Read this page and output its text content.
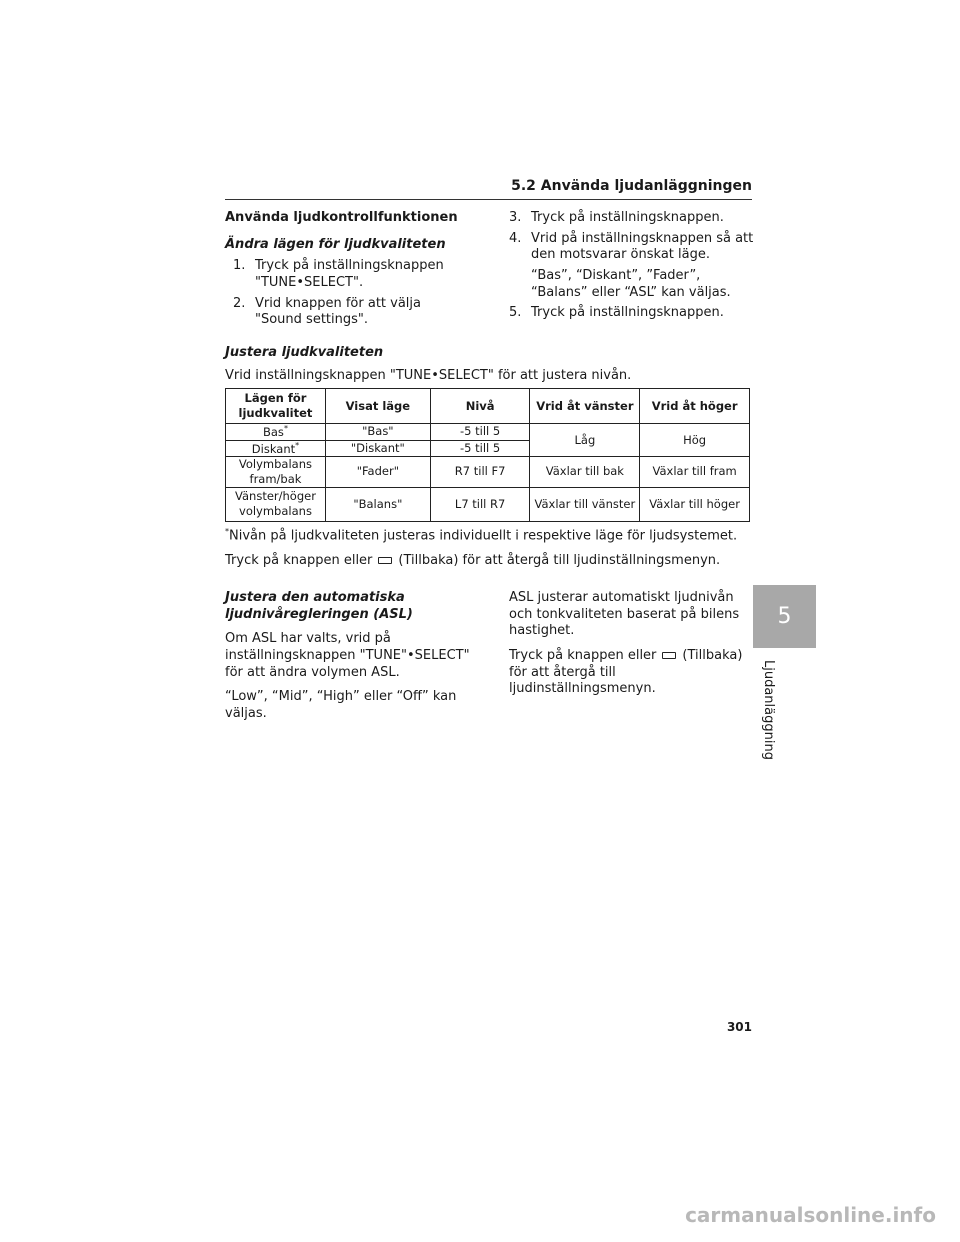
5.2 Använda ljudanläggningen

Använda ljudkontrollfunktionen

Ändra lägen för ljudkvaliteten

1. Tryck på inställningsknappen "TUNE•SELECT".
2. Vrid knappen för att välja "Sound settings".
3. Tryck på inställningsknappen.
4. Vrid på inställningsknappen så att den motsvarar önskat läge.

“Bas”, “Diskant”, ”Fader”, “Balans” eller “ASL” kan väljas.

5. Tryck på inställningsknappen.

Justera ljudkvaliteten

Vrid inställningsknappen "TUNE•SELECT" för att justera nivån.

Lägen för ljudkvalitet	Visat läge	Nivå	Vrid åt vänster	Vrid åt höger
Bas*	"Bas"	-5 till 5	Låg	Hög
Diskant*	"Diskant"	-5 till 5		
Volymbalans fram/bak	"Fader"	R7 till F7	Växlar till bak	Växlar till fram
Vänster/höger volymbalans	"Balans"	L7 till R7	Växlar till vänster	Växlar till höger
*Nivån på ljudkvaliteten justeras individuellt i respektive läge för ljudsystemet.
Tryck på knappen eller (Tillbaka) för att återgå till ljudinställningsmenyn.

Justera den automatiska ljudnivåregleringen (ASL)

Om ASL har valts, vrid på inställningsknappen "TUNE"•SELECT" för att ändra volymen ASL.

“Low”, “Mid”, “High” eller “Off” kan väljas.

ASL justerar automatiskt ljudnivån och tonkvaliteten baserat på bilens hastighet.

Tryck på knappen eller (Tillbaka) för att återgå till ljudinställningsmenyn.

5
Ljudanläggning
301
carmanualsonline.info
